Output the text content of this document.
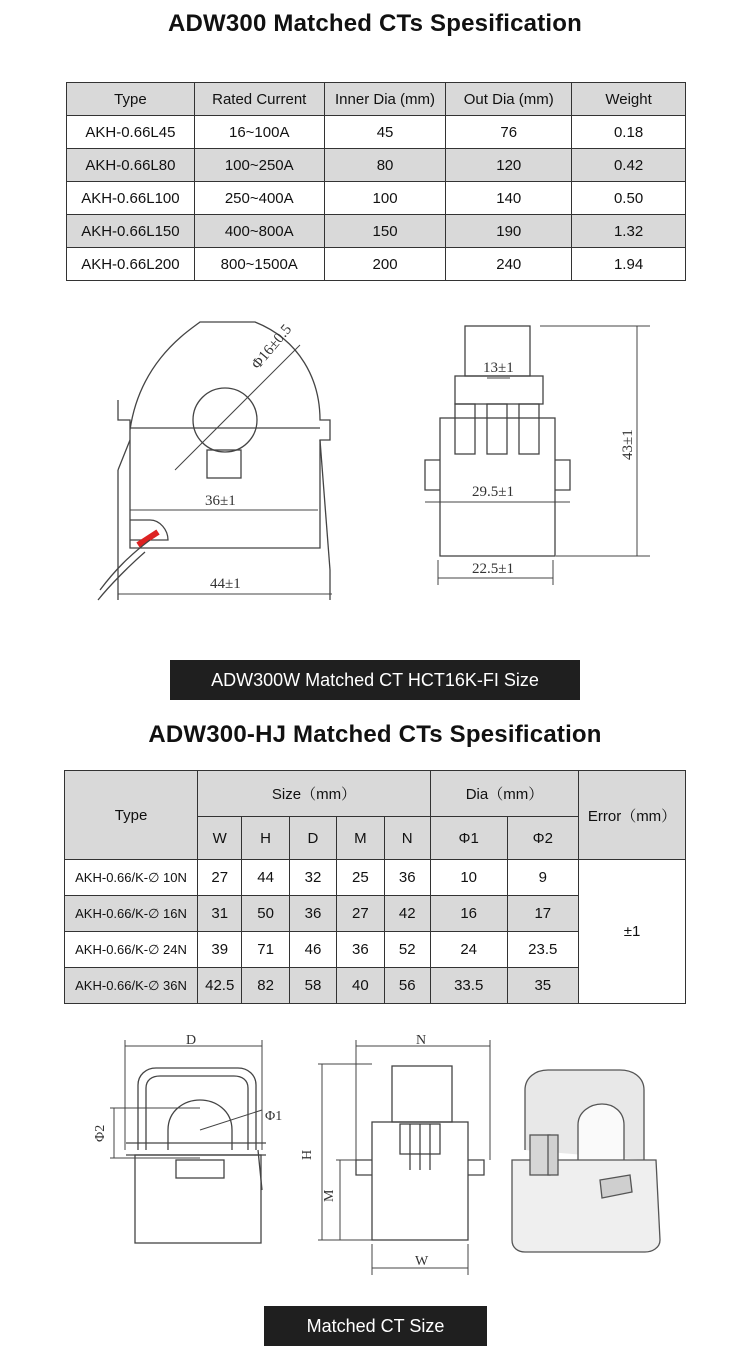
ADW300 Matched CTs Spesification
Type	Rated Current	Inner Dia (mm)	Out Dia (mm)	Weight
AKH-0.66L45	16~100A	45	76	0.18
AKH-0.66L80	100~250A	80	120	0.42
AKH-0.66L100	250~400A	100	140	0.50
AKH-0.66L150	400~800A	150	190	1.32
AKH-0.66L200	800~1500A	200	240	1.94
Φ16±0.5
36±1
44±1
13±1
43±1
29.5±1
22.5±1
ADW300W Matched CT HCT16K-FI Size
ADW300-HJ Matched CTs Spesification
Type	Size（mm）					Dia（mm）		Error（mm）
	W	H	D	M	N	Φ1	Φ2	
AKH-0.66/K-∅ 10N	27	44	32	25	36	10	9	±1
AKH-0.66/K-∅ 16N	31	50	36	27	42	16	17	
AKH-0.66/K-∅ 24N	39	71	46	36	52	24	23.5	
AKH-0.66/K-∅ 36N	42.5	82	58	40	56	33.5	35	
D
Φ2
Φ1
N
H
M
W
Matched CT Size
